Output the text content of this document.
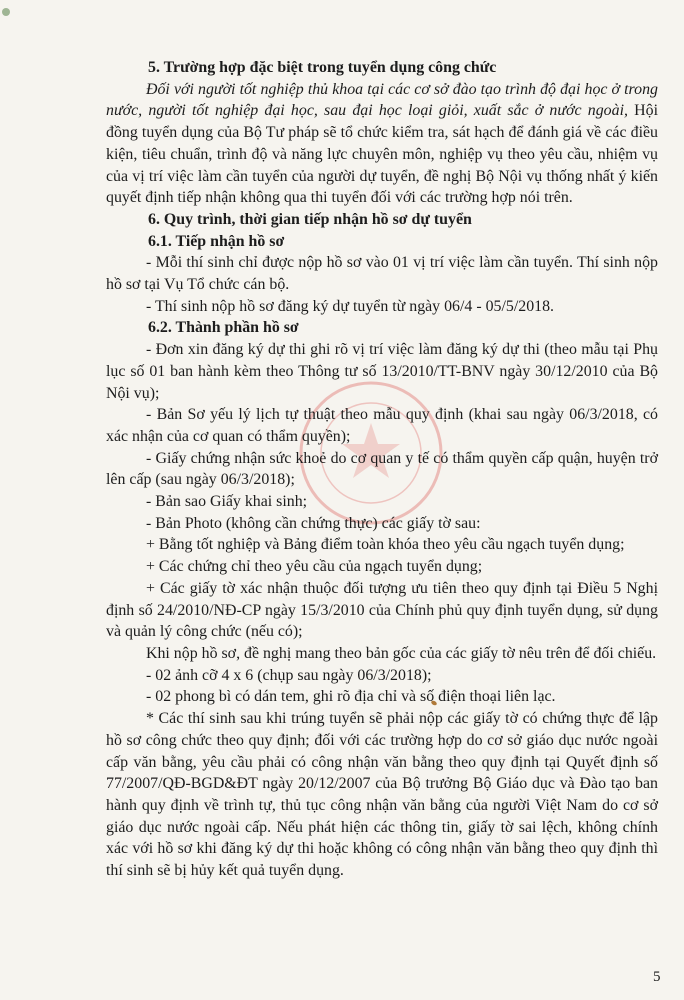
5. Trường hợp đặc biệt trong tuyển dụng công chức

Đối với người tốt nghiệp thủ khoa tại các cơ sở đào tạo trình độ đại học ở trong nước, người tốt nghiệp đại học, sau đại học loại giỏi, xuất sắc ở nước ngoài, Hội đồng tuyển dụng của Bộ Tư pháp sẽ tổ chức kiểm tra, sát hạch để đánh giá về các điều kiện, tiêu chuẩn, trình độ và năng lực chuyên môn, nghiệp vụ theo yêu cầu, nhiệm vụ của vị trí việc làm cần tuyển của người dự tuyển, đề nghị Bộ Nội vụ thống nhất ý kiến quyết định tiếp nhận không qua thi tuyển đối với các trường hợp nói trên.

6. Quy trình, thời gian tiếp nhận hồ sơ dự tuyển

6.1. Tiếp nhận hồ sơ

- Mỗi thí sinh chỉ được nộp hồ sơ vào 01 vị trí việc làm cần tuyển. Thí sinh nộp hồ sơ tại Vụ Tổ chức cán bộ.

- Thí sinh nộp hồ sơ đăng ký dự tuyển từ ngày 06/4 - 05/5/2018.

6.2. Thành phần hồ sơ

- Đơn xin đăng ký dự thi ghi rõ vị trí việc làm đăng ký dự thi (theo mẫu tại Phụ lục số 01 ban hành kèm theo Thông tư số 13/2010/TT-BNV ngày 30/12/2010 của Bộ Nội vụ);

- Bản Sơ yếu lý lịch tự thuật theo mẫu quy định (khai sau ngày 06/3/2018, có xác nhận của cơ quan có thẩm quyền);

- Giấy chứng nhận sức khoẻ do cơ quan y tế có thẩm quyền cấp quận, huyện trở lên cấp (sau ngày 06/3/2018);

- Bản sao Giấy khai sinh;

- Bản Photo (không cần chứng thực) các giấy tờ sau:

+ Bằng tốt nghiệp và Bảng điểm toàn khóa theo yêu cầu ngạch tuyển dụng;

+ Các chứng chỉ theo yêu cầu của ngạch tuyển dụng;

+ Các giấy tờ xác nhận thuộc đối tượng ưu tiên theo quy định tại Điều 5 Nghị định số 24/2010/NĐ-CP ngày 15/3/2010 của Chính phủ quy định tuyển dụng, sử dụng và quản lý công chức (nếu có);

Khi nộp hồ sơ, đề nghị mang theo bản gốc của các giấy tờ nêu trên để đối chiếu.

- 02 ảnh cỡ 4 x 6 (chụp sau ngày 06/3/2018);

- 02 phong bì có dán tem, ghi rõ địa chỉ và số điện thoại liên lạc.

* Các thí sinh sau khi trúng tuyển sẽ phải nộp các giấy tờ có chứng thực để lập hồ sơ công chức theo quy định; đối với các trường hợp do cơ sở giáo dục nước ngoài cấp văn bằng, yêu cầu phải có công nhận văn bằng theo quy định tại Quyết định số 77/2007/QĐ-BGD&ĐT ngày 20/12/2007 của Bộ trưởng Bộ Giáo dục và Đào tạo ban hành quy định về trình tự, thủ tục công nhận văn bằng của người Việt Nam do cơ sở giáo dục nước ngoài cấp. Nếu phát hiện các thông tin, giấy tờ sai lệch, không chính xác với hồ sơ khi đăng ký dự thi hoặc không có công nhận văn bằng theo quy định thì thí sinh sẽ bị hủy kết quả tuyển dụng.

5
